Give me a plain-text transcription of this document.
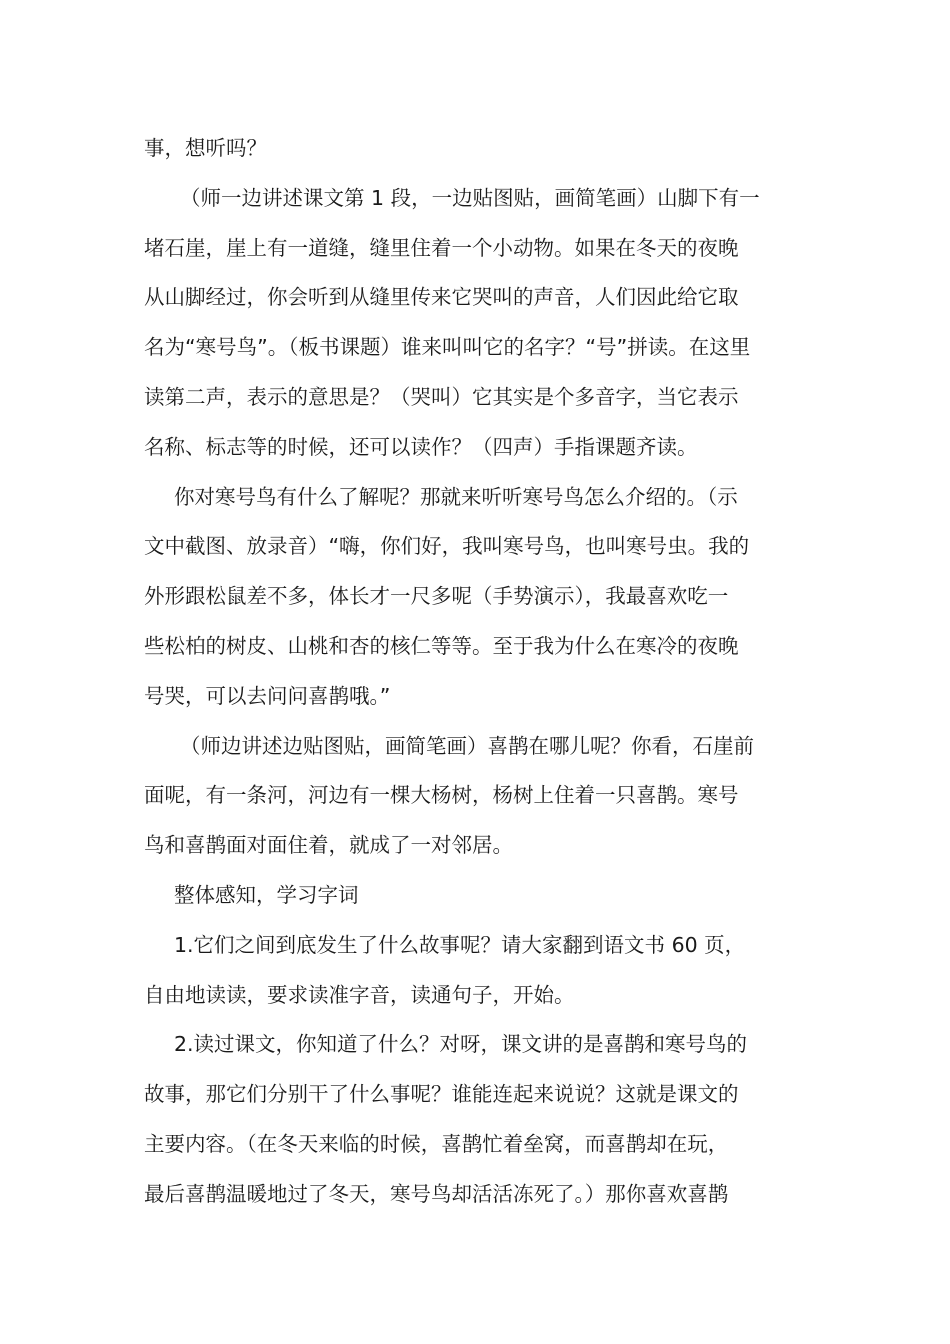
事，想听吗？
（师一边讲述课文第 1 段，一边贴图贴，画简笔画）山脚下有一
堵石崖，崖上有一道缝，缝里住着一个小动物。如果在冬天的夜晚
从山脚经过，你会听到从缝里传来它哭叫的声音，人们因此给它取
名为“寒号鸟”。（板书课题）谁来叫叫它的名字？“号”拼读。在这里
读第二声，表示的意思是？（哭叫）它其实是个多音字，当它表示
名称、标志等的时候，还可以读作？（四声）手指课题齐读。
你对寒号鸟有什么了解呢？那就来听听寒号鸟怎么介绍的。（示
文中截图、放录音）“嗨，你们好，我叫寒号鸟，也叫寒号虫。我的
外形跟松鼠差不多，体长才一尺多呢（手势演示），我最喜欢吃一
些松柏的树皮、山桃和杏的核仁等等。至于我为什么在寒冷的夜晚
号哭，可以去问问喜鹊哦。”
（师边讲述边贴图贴，画简笔画）喜鹊在哪儿呢？你看，石崖前
面呢，有一条河，河边有一棵大杨树，杨树上住着一只喜鹊。寒号
鸟和喜鹊面对面住着，就成了一对邻居。
整体感知，学习字词
1.它们之间到底发生了什么故事呢？请大家翻到语文书 60 页，
自由地读读，要求读准字音，读通句子，开始。
2.读过课文，你知道了什么？对呀，课文讲的是喜鹊和寒号鸟的
故事，那它们分别干了什么事呢？谁能连起来说说？这就是课文的
主要内容。（在冬天来临的时候，喜鹊忙着垒窝，而喜鹊却在玩，
最后喜鹊温暖地过了冬天，寒号鸟却活活冻死了。）那你喜欢喜鹊
